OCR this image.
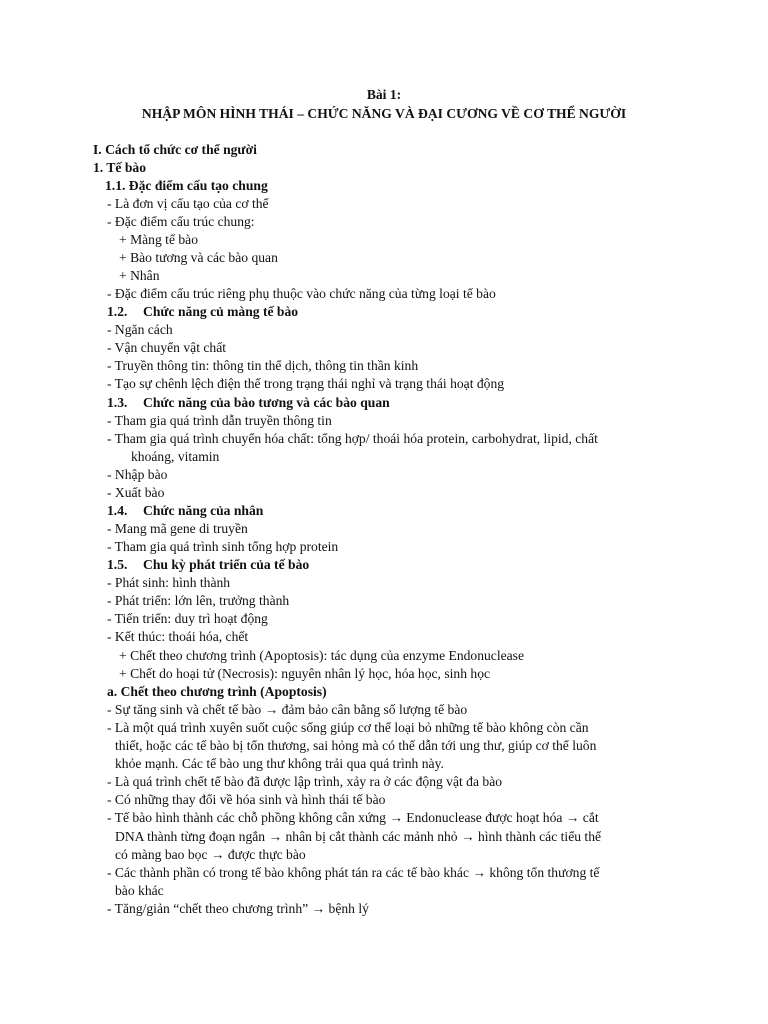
Bài 1:
NHẬP MÔN HÌNH THÁI – CHỨC NĂNG VÀ ĐẠI CƯƠNG VỀ CƠ THỂ NGƯỜI
I. Cách tổ chức cơ thể người
1. Tế bào
1.1. Đặc điểm cấu tạo chung
- Là đơn vị cấu tạo của cơ thể
- Đặc điểm cấu trúc chung:
+ Màng tế bào
+ Bào tương và các bào quan
+ Nhân
- Đặc điểm cấu trúc riêng phụ thuộc vào chức năng của từng loại tế bào
1.2. Chức năng củ màng tế bào
- Ngăn cách
- Vận chuyển vật chất
- Truyền thông tin: thông tin thể dịch, thông tin thần kinh
- Tạo sự chênh lệch điện thế trong trạng thái nghỉ và trạng thái hoạt động
1.3. Chức năng của bào tương và các bào quan
- Tham gia quá trình dẫn truyền thông tin
- Tham gia quá trình chuyển hóa chất: tổng hợp/ thoái hóa protein, carbohydrat, lipid, chất
khoáng, vitamin
- Nhập bào
- Xuất bào
1.4. Chức năng của nhân
- Mang mã gene di truyền
- Tham gia quá trình sinh tổng hợp protein
1.5. Chu kỳ phát triển của tế bào
- Phát sinh: hình thành
- Phát triển: lớn lên, trưởng thành
- Tiến triển: duy trì hoạt động
- Kết thúc: thoái hóa, chết
+ Chết theo chương trình (Apoptosis): tác dụng của enzyme Endonuclease
+ Chết do hoại tử (Necrosis): nguyên nhân lý học, hóa học, sinh học
a. Chết theo chương trình (Apoptosis)
- Sự tăng sinh và chết tế bào → đảm bảo cân bằng số lượng tế bào
- Là một quá trình xuyên suốt cuộc sống giúp cơ thể loại bỏ những tế bào không còn cần
thiết, hoặc các tế bào bị tổn thương, sai hỏng mà có thể dẫn tới ung thư, giúp cơ thể luôn
khỏe mạnh. Các tế bào ung thư không trải qua quá trình này.
- Là quá trình chết tế bào đã được lập trình, xảy ra ở các động vật đa bào
- Có những thay đổi về hóa sinh và hình thái tế bào
- Tế bào hình thành các chỗ phồng không cân xứng → Endonuclease được hoạt hóa → cắt
DNA thành từng đoạn ngắn → nhân bị cắt thành các mảnh nhỏ → hình thành các tiểu thể
có màng bao bọc → được thực bào
- Các thành phần có trong tế bào không phát tán ra các tế bào khác → không tổn thương tế
bào khác
- Tăng/giản “chết theo chương trình” → bệnh lý
